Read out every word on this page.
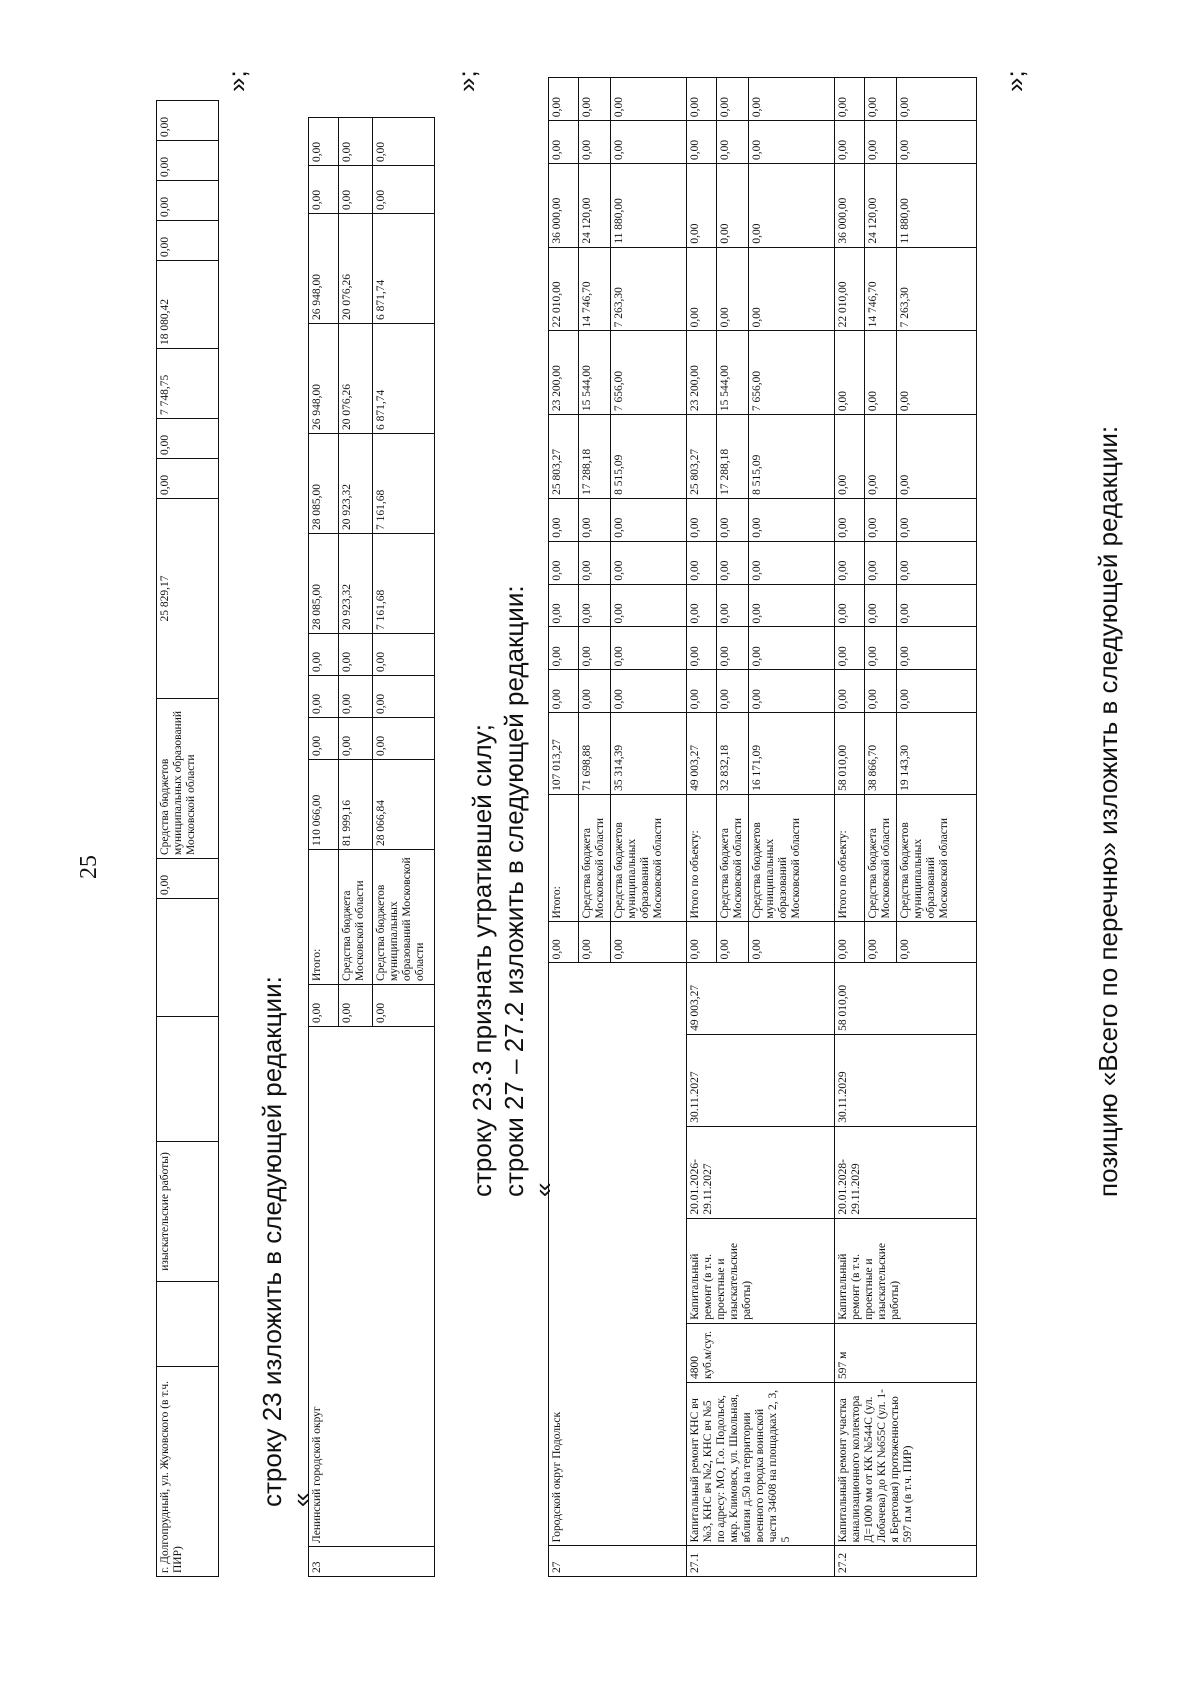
25
г. Долгопрудный, ул. Жуковского (в т.ч. ПИР)		изыскательские работы)			0,00	Средства бюджетов муниципальных образований Московской области	25 829,17	0,00	0,00	7 748,75	18 080,42	0,00	0,00	0,00	0,00
»;
строку 23 изложить в следующей редакции: «
23	Ленинский городской округ	0,00	Итого:	110 066,00	0,00	0,00	0,00	28 085,00	28 085,00	26 948,00	26 948,00	0,00	0,00
		0,00	Средства бюджета Московской области	81 999,16	0,00	0,00	0,00	20 923,32	20 923,32	20 076,26	20 076,26	0,00	0,00
		0,00	Средства бюджетов муниципальных образований Московской области	28 066,84	0,00	0,00	0,00	7 161,68	7 161,68	6 871,74	6 871,74	0,00	0,00
»;
строку 23.3 признать утратившей силу; строки 27 – 27.2 изложить в следующей редакции: «
27	Городской округ Подольск						0,00	Итого:	107 013,27	0,00	0,00	0,00	0,00	0,00	25 803,27	23 200,00	22 010,00	36 000,00	0,00	0,00
							0,00	Средства бюджета Московской области	71 698,88	0,00	0,00	0,00	0,00	0,00	17 288,18	15 544,00	14 746,70	24 120,00	0,00	0,00
							0,00	Средства бюджетов муниципальных образований Московской области	35 314,39	0,00	0,00	0,00	0,00	0,00	8 515,09	7 656,00	7 263,30	11 880,00	0,00	0,00
27.1	Капитальный ремонт КНС вч №3, КНС вч №2, КНС вч №5 по адресу: МО, Г.о. Подольск, мкр. Климовск, ул. Школьная, вблизи д.50 на территории военного городка воинской части 34608 на площадках 2, 3, 5	4800 куб.м/сут.	Капитальный ремонт (в т.ч. проектные и изыскательские работы)	20.01.2026-29.11.2027	30.11.2027	49 003,27	0,00	Итого по объекту:	49 003,27	0,00	0,00	0,00	0,00	0,00	25 803,27	23 200,00	0,00	0,00	0,00	0,00
							0,00	Средства бюджета Московской области	32 832,18	0,00	0,00	0,00	0,00	0,00	17 288,18	15 544,00	0,00	0,00	0,00	0,00
							0,00	Средства бюджетов муниципальных образований Московской области	16 171,09	0,00	0,00	0,00	0,00	0,00	8 515,09	7 656,00	0,00	0,00	0,00	0,00
27.2	Капитальный ремонт участка канализационного коллектора Д=1000 мм от КК №544С (ул. Лобачева) до КК №655С (ул. 1-я Береговая) протяженностью 597 п.м (в т.ч. ПИР)	597 м	Капитальный ремонт (в т.ч. проектные и изыскательские работы)	20.01.2028-29.11.2029	30.11.2029	58 010,00	0,00	Итого по объекту:	58 010,00	0,00	0,00	0,00	0,00	0,00	0,00	0,00	22 010,00	36 000,00	0,00	0,00
							0,00	Средства бюджета Московской области	38 866,70	0,00	0,00	0,00	0,00	0,00	0,00	0,00	14 746,70	24 120,00	0,00	0,00
							0,00	Средства бюджетов муниципальных образований Московской области	19 143,30	0,00	0,00	0,00	0,00	0,00	0,00	0,00	7 263,30	11 880,00	0,00	0,00
»;
позицию «Всего по перечню» изложить в следующей редакции:
